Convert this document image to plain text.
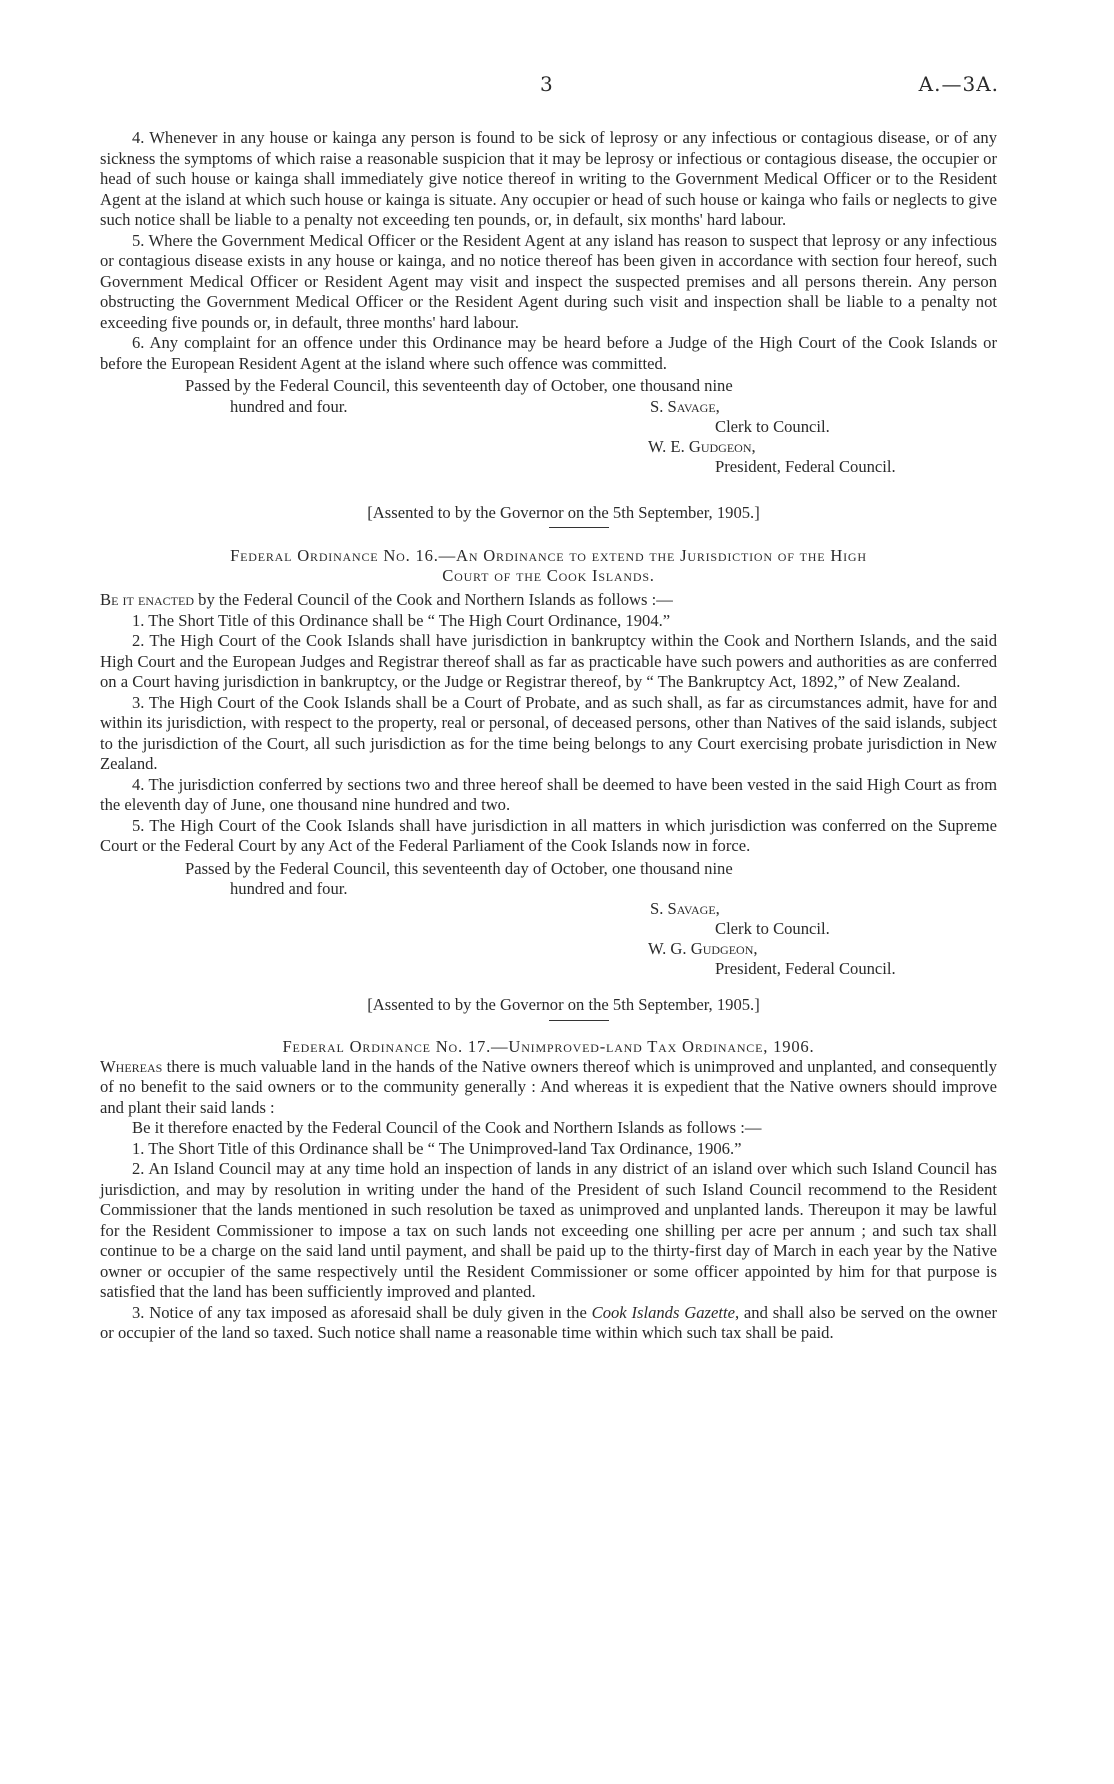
3	A.—3A.

4. Whenever in any house or kainga any person is found to be sick of leprosy or any infectious or contagious disease, or of any sickness the symptoms of which raise a reasonable suspicion that it may be leprosy or infectious or contagious disease, the occupier or head of such house or kainga shall immediately give notice thereof in writing to the Government Medical Officer or to the Resident Agent at the island at which such house or kainga is situate. Any occupier or head of such house or kainga who fails or neglects to give such notice shall be liable to a penalty not exceeding ten pounds, or, in default, six months' hard labour.

5. Where the Government Medical Officer or the Resident Agent at any island has reason to suspect that leprosy or any infectious or contagious disease exists in any house or kainga, and no notice thereof has been given in accordance with section four hereof, such Government Medical Officer or Resident Agent may visit and inspect the suspected premises and all persons therein. Any person obstructing the Government Medical Officer or the Resident Agent during such visit and inspection shall be liable to a penalty not exceeding five pounds or, in default, three months' hard labour.

6. Any complaint for an offence under this Ordinance may be heard before a Judge of the High Court of the Cook Islands or before the European Resident Agent at the island where such offence was committed.

Passed by the Federal Council, this seventeenth day of October, one thousand nine

hundred and four.	S. Savage,
Clerk to Council.
W. E. Gudgeon,
President, Federal Council.

[Assented to by the Governor on the 5th September, 1905.]

Federal Ordinance No. 16.—An Ordinance to extend the Jurisdiction of the High
Court of the Cook Islands.

Be it enacted by the Federal Council of the Cook and Northern Islands as follows :—

1. The Short Title of this Ordinance shall be “ The High Court Ordinance, 1904.”

2. The High Court of the Cook Islands shall have jurisdiction in bankruptcy within the Cook and Northern Islands, and the said High Court and the European Judges and Registrar thereof shall as far as practicable have such powers and authorities as are conferred on a Court having jurisdiction in bankruptcy, or the Judge or Registrar thereof, by “ The Bankruptcy Act, 1892,” of New Zealand.

3. The High Court of the Cook Islands shall be a Court of Probate, and as such shall, as far as circumstances admit, have for and within its jurisdiction, with respect to the property, real or personal, of deceased persons, other than Natives of the said islands, subject to the jurisdiction of the Court, all such jurisdiction as for the time being belongs to any Court exercising probate jurisdiction in New Zealand.

4. The jurisdiction conferred by sections two and three hereof shall be deemed to have been vested in the said High Court as from the eleventh day of June, one thousand nine hundred and two.

5. The High Court of the Cook Islands shall have jurisdiction in all matters in which jurisdiction was conferred on the Supreme Court or the Federal Court by any Act of the Federal Parliament of the Cook Islands now in force.

Passed by the Federal Council, this seventeenth day of October, one thousand nine

hundred and four.
S. Savage,
Clerk to Council.
W. G. Gudgeon,
President, Federal Council.

[Assented to by the Governor on the 5th September, 1905.]

Federal Ordinance No. 17.—Unimproved-land Tax Ordinance, 1906.

Whereas there is much valuable land in the hands of the Native owners thereof which is unimproved and unplanted, and consequently of no benefit to the said owners or to the community generally : And whereas it is expedient that the Native owners should improve and plant their said lands :

Be it therefore enacted by the Federal Council of the Cook and Northern Islands as follows :—

1. The Short Title of this Ordinance shall be “ The Unimproved-land Tax Ordinance, 1906.”

2. An Island Council may at any time hold an inspection of lands in any district of an island over which such Island Council has jurisdiction, and may by resolution in writing under the hand of the President of such Island Council recommend to the Resident Commissioner that the lands mentioned in such resolution be taxed as unimproved and unplanted lands. Thereupon it may be lawful for the Resident Commissioner to impose a tax on such lands not exceeding one shilling per acre per annum ; and such tax shall continue to be a charge on the said land until payment, and shall be paid up to the thirty-first day of March in each year by the Native owner or occupier of the same respectively until the Resident Commissioner or some officer appointed by him for that purpose is satisfied that the land has been sufficiently improved and planted.

3. Notice of any tax imposed as aforesaid shall be duly given in the Cook Islands Gazette, and shall also be served on the owner or occupier of the land so taxed. Such notice shall name a reasonable time within which such tax shall be paid.
